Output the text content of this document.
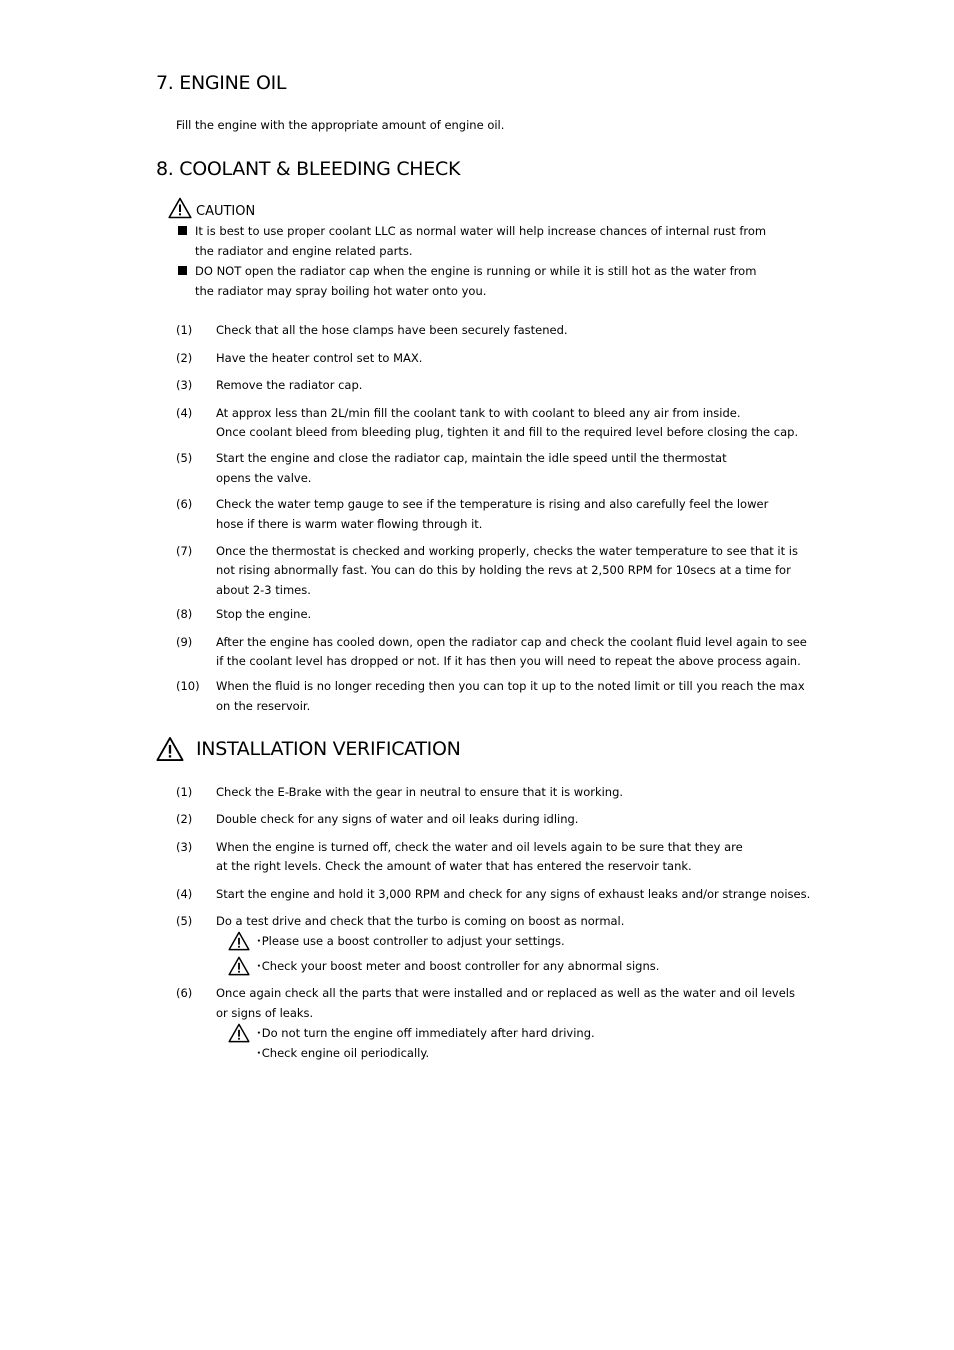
7. ENGINE OIL
Fill the engine with the appropriate amount of engine oil.
8. COOLANT & BLEEDING CHECK
CAUTION
It is best to use proper coolant LLC as normal water will help increase chances of internal rust from
the radiator and engine related parts.
DO NOT open the radiator cap when the engine is running or while it is still hot as the water from
the radiator may spray boiling hot water onto you.
(1) Check that all the hose clamps have been securely fastened.
(2) Have the heater control set to MAX.
(3) Remove the radiator cap.
(4) At approx less than 2L/min fill the coolant tank to with coolant to bleed any air from inside.
Once coolant bleed from bleeding plug, tighten it and fill to the required level before closing the cap.
(5) Start the engine and close the radiator cap, maintain the idle speed until the thermostat
opens the valve.
(6) Check the water temp gauge to see if the temperature is rising and also carefully feel the lower
hose if there is warm water flowing through it.
(7) Once the thermostat is checked and working properly, checks the water temperature to see that it is
not rising abnormally fast. You can do this by holding the revs at 2,500 RPM for 10secs at a time for
about 2-3 times.
(8) Stop the engine.
(9) After the engine has cooled down, open the radiator cap and check the coolant fluid level again to see
if the coolant level has dropped or not. If it has then you will need to repeat the above process again.
(10) When the fluid is no longer receding then you can top it up to the noted limit or till you reach the max
on the reservoir.
INSTALLATION VERIFICATION
(1) Check the E-Brake with the gear in neutral to ensure that it is working.
(2) Double check for any signs of water and oil leaks during idling.
(3) When the engine is turned off, check the water and oil levels again to be sure that they are
at the right levels. Check the amount of water that has entered the reservoir tank.
(4) Start the engine and hold it 3,000 RPM and check for any signs of exhaust leaks and/or strange noises.
(5) Do a test drive and check that the turbo is coming on boost as normal.
･Please use a boost controller to adjust your settings.
･Check your boost meter and boost controller for any abnormal signs.
(6) Once again check all the parts that were installed and or replaced as well as the water and oil levels
or signs of leaks.
･Do not turn the engine off immediately after hard driving.
･Check engine oil periodically.
